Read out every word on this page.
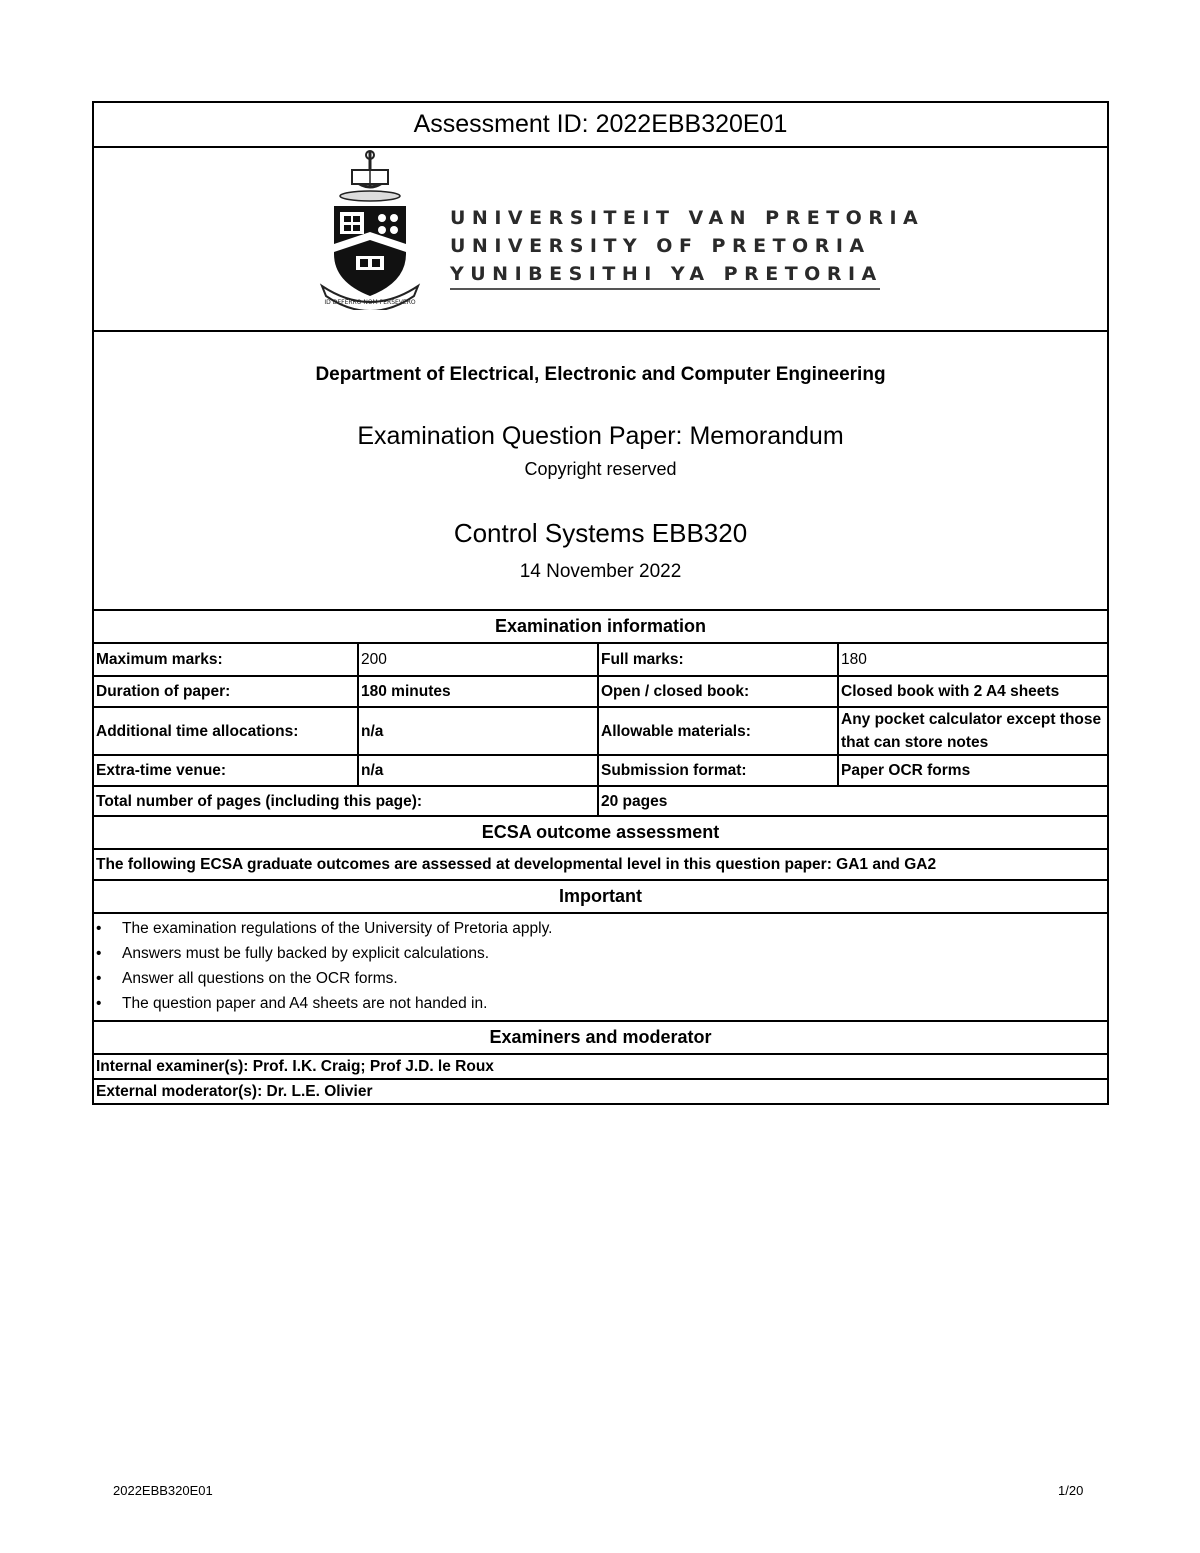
Assessment ID: 2022EBB320E01
ID DEFERRO NOM PERSEVERO
UNIVERSITEIT VAN PRETORIA
UNIVERSITY OF PRETORIA
YUNIBESITHI YA PRETORIA
Department of Electrical, Electronic and Computer Engineering
Examination Question Paper: Memorandum
Copyright reserved
Control Systems EBB320
14 November 2022
Examination information
Maximum marks:	200	Full marks:	180
Duration of paper:	180 minutes	Open / closed book:	Closed book with 2 A4 sheets
Additional time allocations:	n/a	Allowable materials:	Any pocket calculator except those that can store notes
Extra-time venue:	n/a	Submission format:	Paper OCR forms
Total number of pages (including this page):		20 pages	
ECSA outcome assessment
The following ECSA graduate outcomes are assessed at developmental level in this question paper: GA1 and GA2
Important
•	The examination regulations of the University of Pretoria apply.
•	Answers must be fully backed by explicit calculations.
•	Answer all questions on the OCR forms.
•	The question paper and A4 sheets are not handed in.
Examiners and moderator
Internal examiner(s): Prof. I.K. Craig; Prof J.D. le Roux
External moderator(s): Dr. L.E. Olivier
2022EBB320E01	1/20
